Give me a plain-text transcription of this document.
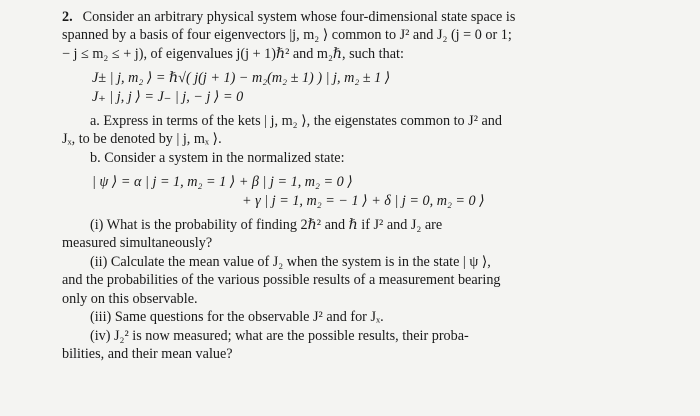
2. Consider an arbitrary physical system whose four-dimensional state space is

spanned by a basis of four eigenvectors |j, m₂ ⟩ common to J² and J₂ (j = 0 or 1;

− j ≤ m₂ ≤ + j), of eigenvalues j(j + 1)ℏ² and m₂ℏ, such that:

J± | j, m₂ ⟩ = ℏ√( j(j + 1) − m₂(m₂ ± 1) ) | j, m₂ ± 1 ⟩

J₊ | j, j ⟩ = J₋ | j, − j ⟩ = 0

a. Express in terms of the kets | j, m₂ ⟩, the eigenstates common to J² and

Jₓ, to be denoted by | j, mₓ ⟩.

b. Consider a system in the normalized state:

| ψ ⟩ = α | j = 1, m₂ = 1 ⟩ + β | j = 1, m₂ = 0 ⟩

+ γ | j = 1, m₂ = − 1 ⟩ + δ | j = 0, m₂ = 0 ⟩

(i) What is the probability of finding 2ℏ² and ℏ if J² and J₂ are

measured simultaneously?

(ii) Calculate the mean value of J₂ when the system is in the state | ψ ⟩,

and the probabilities of the various possible results of a measurement bearing

only on this observable.

(iii) Same questions for the observable J² and for Jₓ.

(iv) J₂² is now measured; what are the possible results, their proba-

bilities, and their mean value?
